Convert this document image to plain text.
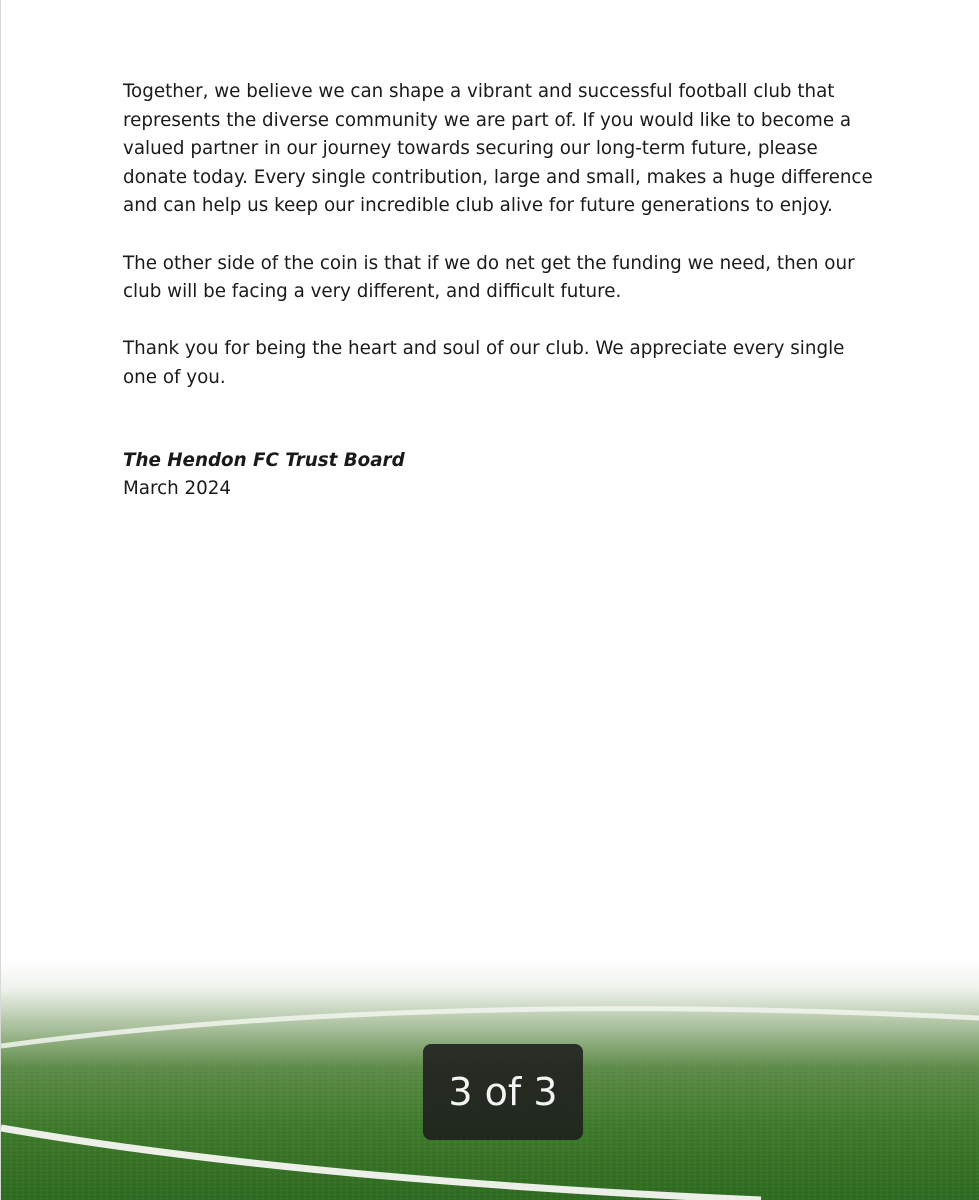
Together, we believe we can shape a vibrant and successful football club that represents the diverse community we are part of. If you would like to become a valued partner in our journey towards securing our long-term future, please donate today. Every single contribution, large and small, makes a huge difference and can help us keep our incredible club alive for future generations to enjoy.

The other side of the coin is that if we do net get the funding we need, then our club will be facing a very different, and difficult future.

Thank you for being the heart and soul of our club. We appreciate every single one of you.

The Hendon FC Trust Board
March 2024
3 of 3
